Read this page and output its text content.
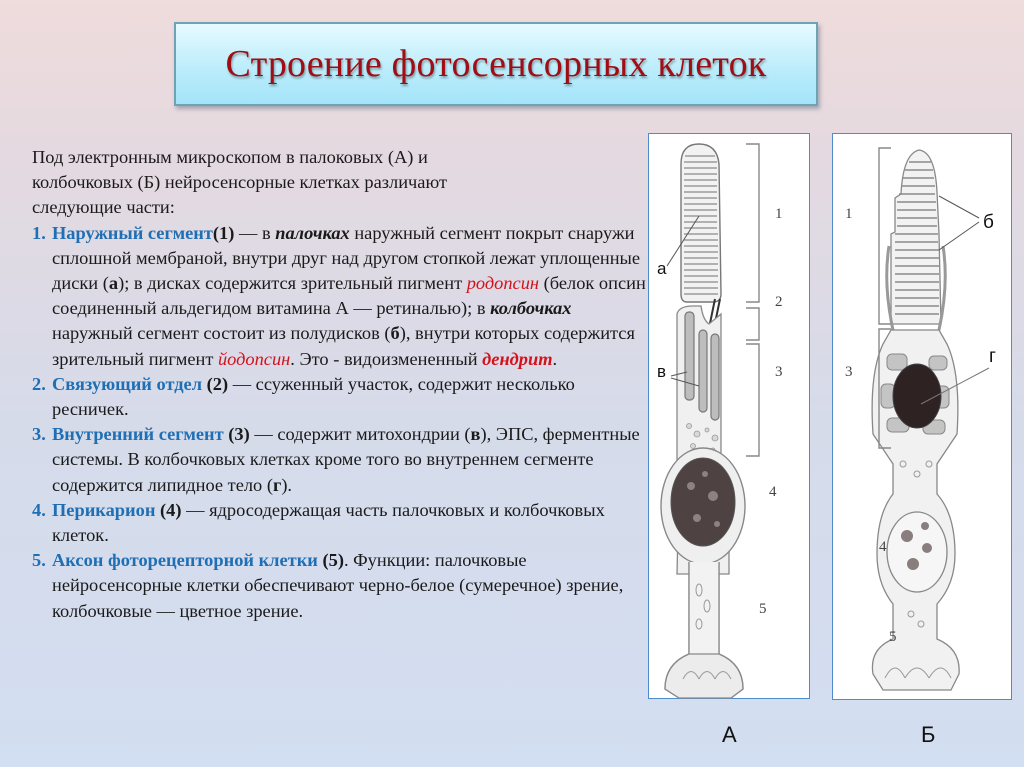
Строение фотосенсорных клеток

Под электронным микроскопом в палоковых (А) и
колбочковых (Б) нейросенсорные клетках различают
следующие части:

1. Наружный сегмент(1) — в палочках наружный сегмент покрыт снаружи сплошной мембраной, внутри друг над другом стопкой лежат уплощенные диски (а); в дисках содержится зрительный пигмент родопсин (белок опсин соединенный альдегидом витамина А — ретиналью); в колбочках наружный сегмент состоит из полудисков (б), внутри которых содержится зрительный пигмент йодопсин. Это - видоизмененный дендрит.

2. Связующий отдел (2) — ссуженный участок, содержит несколько ресничек.

3. Внутренний сегмент (3) — содержит митохондрии (в), ЭПС, ферментные системы. В колбочковых клетках кроме того во внутреннем сегменте содержится липидное тело (г).

4. Перикарион (4) — ядросодержащая часть палочковых и колбочковых клеток.

5. Аксон фоторецепторной клетки (5). Функции: палочковые нейросенсорные клетки обеспечивают черно-белое (сумеречное) зрение, колбочковые — цветное зрение.

1
2
3
4
5
а
в
1
3
4
5
б
г
А	Б
